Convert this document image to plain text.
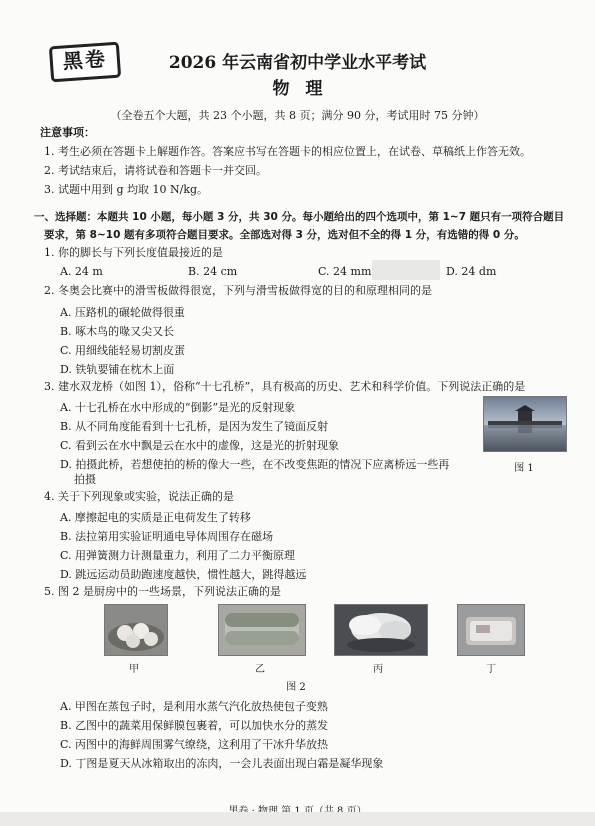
黑卷	2026 年云南省初中学业水平考试
物理
（全卷五个大题，共 23 个小题，共 8 页；满分 90 分，考试用时 75 分钟）
注意事项：
1. 考生必须在答题卡上解题作答。答案应书写在答题卡的相应位置上，在试卷、草稿纸上作答无效。
2. 考试结束后，请将试卷和答题卡一并交回。
3. 试题中用到 g 均取 10 N/kg。
一、选择题：本题共 10 小题，每小题 3 分，共 30 分。每小题给出的四个选项中，第 1~7 题只有一项符合题目
要求，第 8~10 题有多项符合题目要求。全部选对得 3 分，选对但不全的得 1 分，有选错的得 0 分。
1. 你的脚长与下列长度值最接近的是
A. 24 m	B. 24 cm	C. 24 mm	D. 24 dm
2. 冬奥会比赛中的滑雪板做得很宽，下列与滑雪板做得宽的目的和原理相同的是
A. 压路机的碾轮做得很重
B. 啄木鸟的喙又尖又长
C. 用细线能轻易切割皮蛋
D. 铁轨要铺在枕木上面
3. 建水双龙桥（如图 1），俗称“十七孔桥”，具有极高的历史、艺术和科学价值。下列说法正确的是
A. 十七孔桥在水中形成的“倒影”是光的反射现象
B. 从不同角度能看到十七孔桥，是因为发生了镜面反射
C. 看到云在水中飘是云在水中的虚像，这是光的折射现象
D. 拍摄此桥，若想使拍的桥的像大一些，在不改变焦距的情况下应离桥远一些再
拍摄
图 1
4. 关于下列现象或实验，说法正确的是
A. 摩擦起电的实质是正电荷发生了转移
B. 法拉第用实验证明通电导体周围存在磁场
C. 用弹簧测力计测量重力，利用了二力平衡原理
D. 跳远运动员助跑速度越快，惯性越大，跳得越远
5. 图 2 是厨房中的一些场景，下列说法正确的是
甲	乙	丙	丁
图 2
A. 甲图在蒸包子时，是利用水蒸气汽化放热使包子变熟
B. 乙图中的蔬菜用保鲜膜包裹着，可以加快水分的蒸发
C. 丙图中的海鲜周围雾气缭绕，这利用了干冰升华放热
D. 丁图是夏天从冰箱取出的冻肉，一会儿表面出现白霜是凝华现象
